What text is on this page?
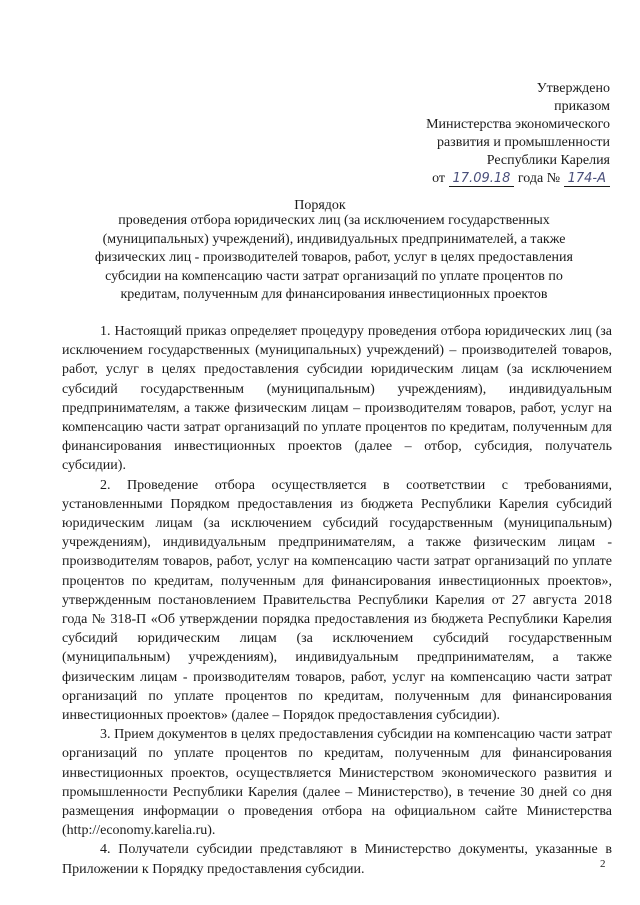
Утверждено
приказом
Министерства экономического
развития и промышленности
Республики Карелия
от 17.09.18 года № 174-А
Порядок
проведения отбора юридических лиц (за исключением государственных (муниципальных) учреждений), индивидуальных предпринимателей, а также физических лиц - производителей товаров, работ, услуг в целях предоставления субсидии на компенсацию части затрат организаций по уплате процентов по кредитам, полученным для финансирования инвестиционных проектов

1. Настоящий приказ определяет процедуру проведения отбора юридических лиц (за исключением государственных (муниципальных) учреждений) – производителей товаров, работ, услуг в целях предоставления субсидии юридическим лицам (за исключением субсидий государственным (муниципальным) учреждениям), индивидуальным предпринимателям, а также физическим лицам – производителям товаров, работ, услуг на компенсацию части затрат организаций по уплате процентов по кредитам, полученным для финансирования инвестиционных проектов (далее – отбор, субсидия, получатель субсидии).

2. Проведение отбора осуществляется в соответствии с требованиями, установленными Порядком предоставления из бюджета Республики Карелия субсидий юридическим лицам (за исключением субсидий государственным (муниципальным) учреждениям), индивидуальным предпринимателям, а также физическим лицам - производителям товаров, работ, услуг на компенсацию части затрат организаций по уплате процентов по кредитам, полученным для финансирования инвестиционных проектов», утвержденным постановлением Правительства Республики Карелия от 27 августа 2018 года № 318-П «Об утверждении порядка предоставления из бюджета Республики Карелия субсидий юридическим лицам (за исключением субсидий государственным (муниципальным) учреждениям), индивидуальным предпринимателям, а также физическим лицам - производителям товаров, работ, услуг на компенсацию части затрат организаций по уплате процентов по кредитам, полученным для финансирования инвестиционных проектов» (далее – Порядок предоставления субсидии).

3. Прием документов в целях предоставления субсидии на компенсацию части затрат организаций по уплате процентов по кредитам, полученным для финансирования инвестиционных проектов, осуществляется Министерством экономического развития и промышленности Республики Карелия (далее – Министерство), в течение 30 дней со дня размещения информации о проведения отбора на официальном сайте Министерства (http://economy.karelia.ru).

4. Получатели субсидии представляют в Министерство документы, указанные в Приложении к Порядку предоставления субсидии.	2
